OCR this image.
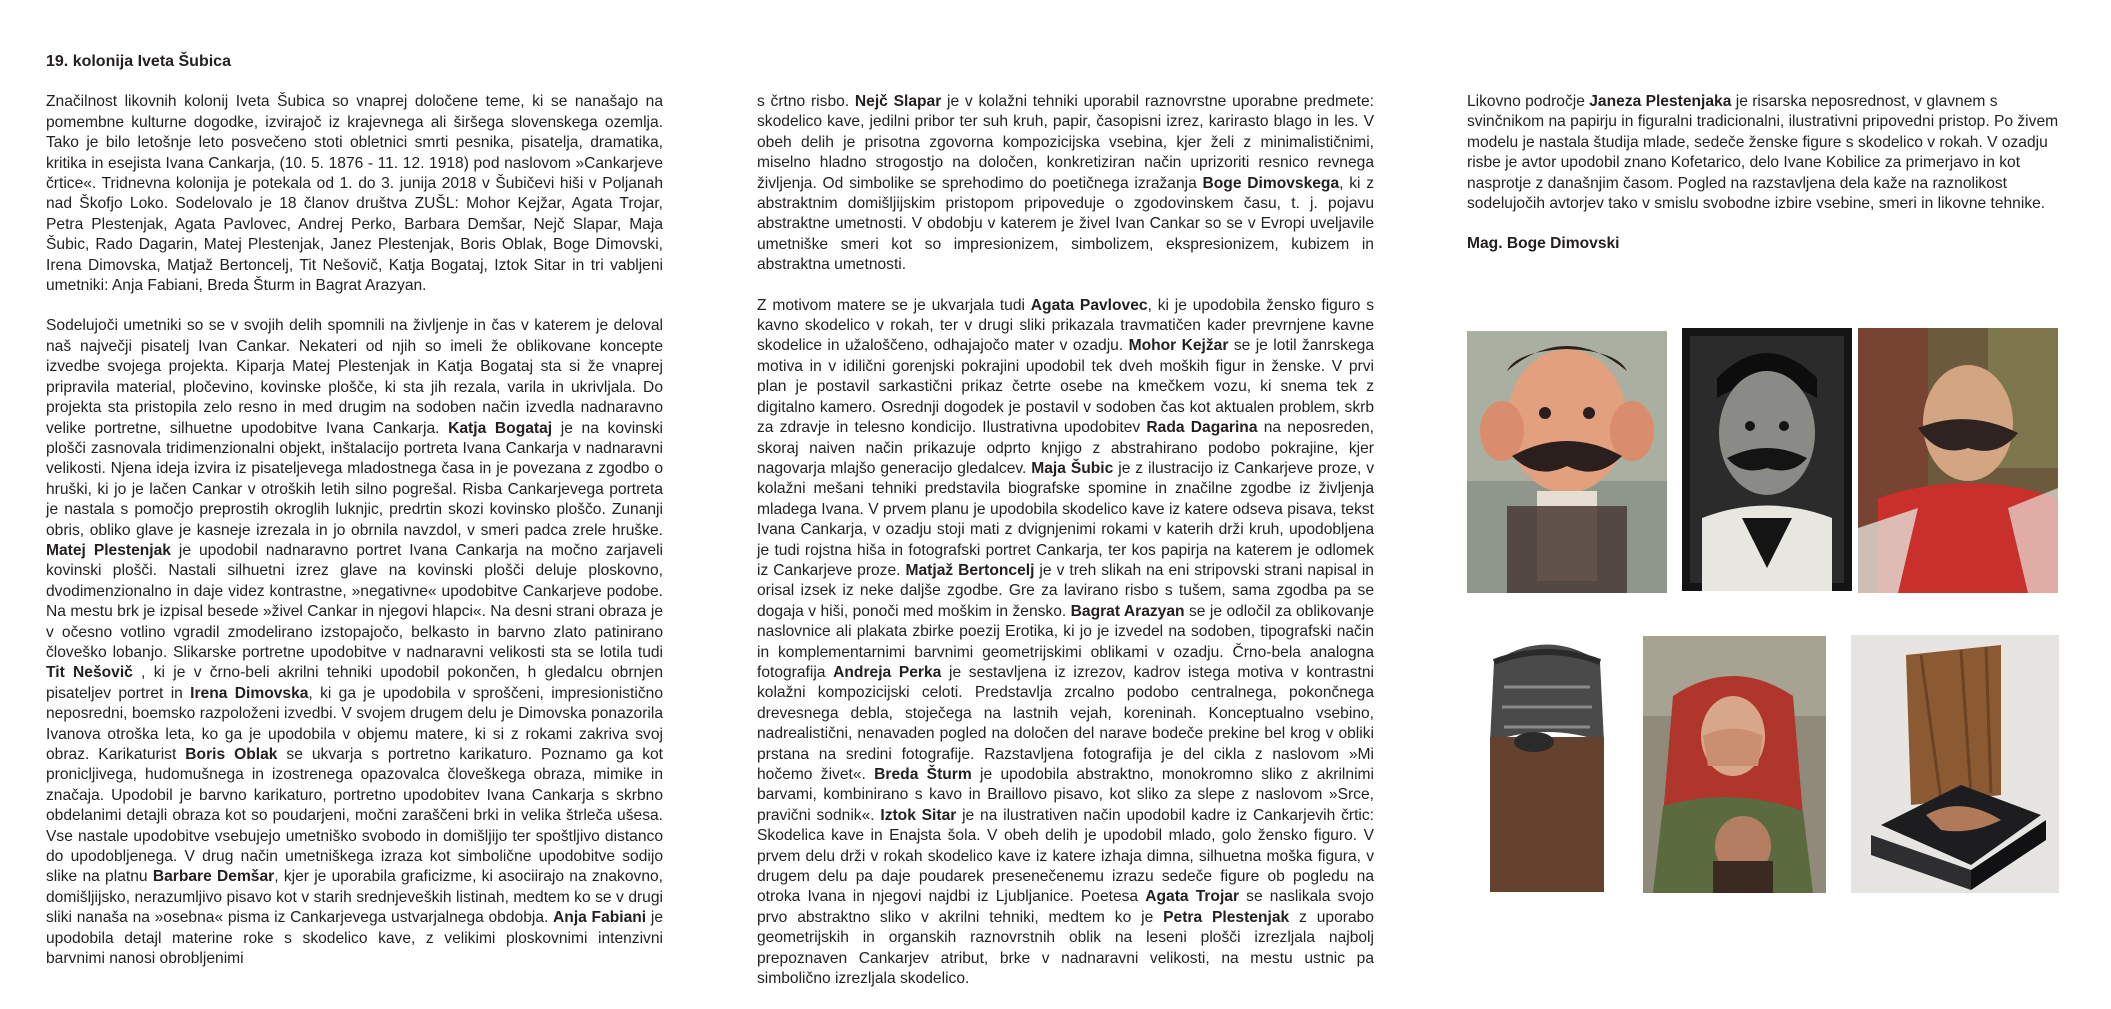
19. kolonija Iveta Šubica

Značilnost likovnih kolonij Iveta Šubica so vnaprej določene teme, ki se nanašajo na pomembne kulturne dogodke, izvirajoč iz krajevnega ali širšega slovenskega ozemlja. Tako je bilo letošnje leto posvečeno stoti obletnici smrti pesnika, pisatelja, dramatika, kritika in esejista Ivana Cankarja, (10. 5. 1876 - 11. 12. 1918) pod naslovom »Cankarjeve črtice«. Tridnevna kolonija je potekala od 1. do 3. junija 2018 v Šubičevi hiši v Poljanah nad Škofjo Loko. Sodelovalo je 18 članov društva ZUŠL: Mohor Kejžar, Agata Trojar, Petra Plestenjak, Agata Pavlovec, Andrej Perko, Barbara Demšar, Nejč Slapar, Maja Šubic, Rado Dagarin, Matej Plestenjak, Janez Plestenjak, Boris Oblak, Boge Dimovski, Irena Dimovska, Matjaž Bertoncelj, Tit Nešovič, Katja Bogataj, Iztok Sitar in tri vabljeni umetniki: Anja Fabiani, Breda Šturm in Bagrat Arazyan.

Sodelujoči umetniki so se v svojih delih spomnili na življenje in čas v katerem je deloval naš največji pisatelj Ivan Cankar. Nekateri od njih so imeli že oblikovane koncepte izvedbe svojega projekta. Kiparja Matej Plestenjak in Katja Bogataj sta si že vnaprej pripravila material, pločevino, kovinske plošče, ki sta jih rezala, varila in ukrivljala. Do projekta sta pristopila zelo resno in med drugim na sodoben način izvedla nadnaravno velike portretne, silhuetne upodobitve Ivana Cankarja. Katja Bogataj je na kovinski plošči zasnovala tridimenzionalni objekt, inštalacijo portreta Ivana Cankarja v nadnaravni velikosti. Njena ideja izvira iz pisateljevega mladostnega časa in je povezana z zgodbo o hruški, ki jo je lačen Cankar v otroških letih silno pogrešal. Risba Cankarjevega portreta je nastala s pomočjo preprostih okroglih luknjic, predrtin skozi kovinsko ploščo. Zunanji obris, obliko glave je kasneje izrezala in jo obrnila navzdol, v smeri padca zrele hruške. Matej Plestenjak je upodobil nadnaravno portret Ivana Cankarja na močno zarjaveli kovinski plošči. Nastali silhuetni izrez glave na kovinski plošči deluje ploskovno, dvodimenzionalno in daje videz kontrastne, »negativne« upodobitve Cankarjeve podobe. Na mestu brk je izpisal besede »živel Cankar in njegovi hlapci«. Na desni strani obraza je v očesno votlino vgradil zmodelirano izstopajočo, belkasto in barvno zlato patinirano človeško lobanjo. Slikarske portretne upodobitve v nadnaravni velikosti sta se lotila tudi Tit Nešovič , ki je v črno-beli akrilni tehniki upodobil pokončen, h gledalcu obrnjen pisateljev portret in Irena Dimovska, ki ga je upodobila v sproščeni, impresionistično neposredni, boemsko razpoloženi izvedbi. V svojem drugem delu je Dimovska ponazorila Ivanova otroška leta, ko ga je upodobila v objemu matere, ki si z rokami zakriva svoj obraz. Karikaturist Boris Oblak se ukvarja s portretno karikaturo. Poznamo ga kot pronicljivega, hudomušnega in izostrenega opazovalca človeškega obraza, mimike in značaja. Upodobil je barvno karikaturo, portretno upodobitev Ivana Cankarja s skrbno obdelanimi detajli obraza kot so poudarjeni, močni zaraščeni brki in velika štrleča ušesa. Vse nastale upodobitve vsebujejo umetniško svobodo in domišljijo ter spoštljivo distanco do upodobljenega. V drug način umetniškega izraza kot simbolične upodobitve sodijo slike na platnu Barbare Demšar, kjer je uporabila graficizme, ki asociirajo na znakovno, domišljijsko, nerazumljivo pisavo kot v starih srednjeveških listinah, medtem ko se v drugi sliki nanaša na »osebna« pisma iz Cankarjevega ustvarjalnega obdobja. Anja Fabiani je upodobila detajl materine roke s skodelico kave, z velikimi ploskovnimi intenzivni barvnimi nanosi obrobljenimi

s črtno risbo. Nejč Slapar je v kolažni tehniki uporabil raznovrstne uporabne predmete: skodelico kave, jedilni pribor ter suh kruh, papir, časopisni izrez, karirasto blago in les. V obeh delih je prisotna zgovorna kompozicijska vsebina, kjer želi z minimalističnimi, miselno hladno strogostjo na določen, konkretiziran način uprizoriti resnico revnega življenja. Od simbolike se sprehodimo do poetičnega izražanja Boge Dimovskega, ki z abstraktnim domišljijskim pristopom pripoveduje o zgodovinskem času, t. j. pojavu abstraktne umetnosti. V obdobju v katerem je živel Ivan Cankar so se v Evropi uveljavile umetniške smeri kot so impresionizem, simbolizem, ekspresionizem, kubizem in abstraktna umetnosti.

Z motivom matere se je ukvarjala tudi Agata Pavlovec, ki je upodobila žensko figuro s kavno skodelico v rokah, ter v drugi sliki prikazala travmatičen kader prevrnjene kavne skodelice in užaloščeno, odhajajočo mater v ozadju. Mohor Kejžar se je lotil žanrskega motiva in v idilični gorenjski pokrajini upodobil tek dveh moških figur in ženske. V prvi plan je postavil sarkastični prikaz četrte osebe na kmečkem vozu, ki snema tek z digitalno kamero. Osrednji dogodek je postavil v sodoben čas kot aktualen problem, skrb za zdravje in telesno kondicijo. Ilustrativna upodobitev Rada Dagarina na neposreden, skoraj naiven način prikazuje odprto knjigo z abstrahirano podobo pokrajine, kjer nagovarja mlajšo generacijo gledalcev. Maja Šubic je z ilustracijo iz Cankarjeve proze, v kolažni mešani tehniki predstavila biografske spomine in značilne zgodbe iz življenja mladega Ivana. V prvem planu je upodobila skodelico kave iz katere odseva pisava, tekst Ivana Cankarja, v ozadju stoji mati z dvignjenimi rokami v katerih drži kruh, upodobljena je tudi rojstna hiša in fotografski portret Cankarja, ter kos papirja na katerem je odlomek iz Cankarjeve proze. Matjaž Bertoncelj je v treh slikah na eni stripovski strani napisal in orisal izsek iz neke daljše zgodbe. Gre za lavirano risbo s tušem, sama zgodba pa se dogaja v hiši, ponoči med moškim in žensko. Bagrat Arazyan se je odločil za oblikovanje naslovnice ali plakata zbirke poezij Erotika, ki jo je izvedel na sodoben, tipografski način in komplementarnimi barvnimi geometrijskimi oblikami v ozadju. Črno-bela analogna fotografija Andreja Perka je sestavljena iz izrezov, kadrov istega motiva v kontrastni kolažni kompozicijski celoti. Predstavlja zrcalno podobo centralnega, pokončnega drevesnega debla, stoječega na lastnih vejah, koreninah. Konceptualno vsebino, nadrealistični, nenavaden pogled na določen del narave bodeče prekine bel krog v obliki prstana na sredini fotografije. Razstavljena fotografija je del cikla z naslovom »Mi hočemo živet«. Breda Šturm je upodobila abstraktno, monokromno sliko z akrilnimi barvami, kombinirano s kavo in Braillovo pisavo, kot sliko za slepe z naslovom »Srce, pravični sodnik«. Iztok Sitar je na ilustrativen način upodobil kadre iz Cankarjevih črtic: Skodelica kave in Enajsta šola. V obeh delih je upodobil mlado, golo žensko figuro. V prvem delu drži v rokah skodelico kave iz katere izhaja dimna, silhuetna moška figura, v drugem delu pa daje poudarek presenečenemu izrazu sedeče figure ob pogledu na otroka Ivana in njegovi najdbi iz Ljubljanice. Poetesa Agata Trojar se naslikala svojo prvo abstraktno sliko v akrilni tehniki, medtem ko je Petra Plestenjak z uporabo geometrijskih in organskih raznovrstnih oblik na leseni plošči izrezljala najbolj prepoznaven Cankarjev atribut, brke v nadnaravni velikosti, na mestu ustnic pa simbolično izrezljala skodelico.

Likovno področje Janeza Plestenjaka je risarska neposrednost, v glavnem s svinčnikom na papirju in figuralni tradicionalni, ilustrativni pripovedni pristop. Po živem modelu je nastala študija mlade, sedeče ženske figure s skodelico v rokah. V ozadju risbe je avtor upodobil znano Kofetarico, delo Ivane Kobilice za primerjavo in kot nasprotje z današnjim časom. Pogled na razstavljena dela kaže na raznolikost sodelujočih avtorjev tako v smislu svobodne izbire vsebine, smeri in likovne tehnike.

Mag. Boge Dimovski
